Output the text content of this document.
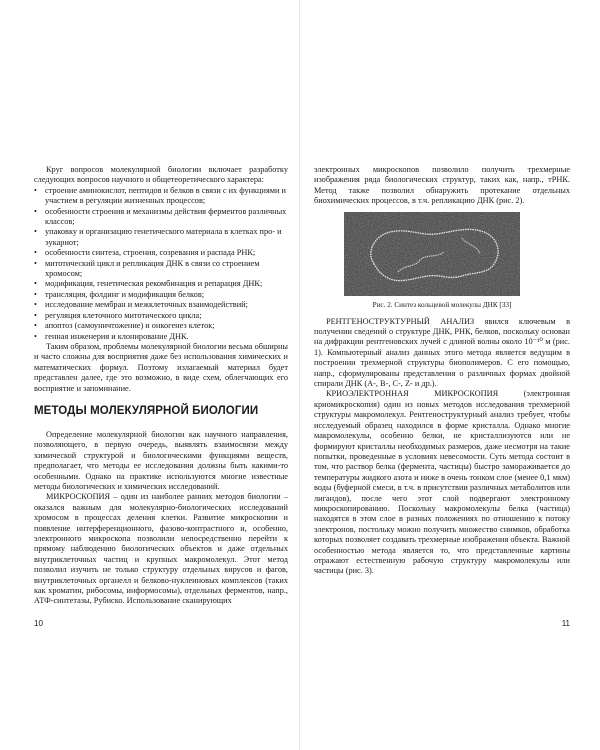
Круг вопросов молекулярной биологии включает разработку следующих вопросов научного и общетеоретического характера:

• строение аминокислот, пептидов и белков в связи с их функциями и участием в регуляции жизненных процессов;
• особенности строения и механизмы действия ферментов различных классов;
• упаковку и организацию генетического материала в клетках про- и эукариот;
• особенности синтеза, строения, созревания и распада РНК;
• митотический цикл и репликация ДНК в связи со строением хромосом;
• модификация, генетическая рекомбинация и репарация ДНК;
• трансляция, фолдинг и модификация белков;
• исследование мембран и межклеточных взаимодействий;
• регуляция клеточного митотического цикла;
• апоптоз (самоуничтожение) и онкогенез клеток;
• генная инженерия и клонирование ДНК.

Таким образом, проблемы молекулярной биологии весьма обширны и часто сложны для восприятия даже без использования химических и математических формул. Поэтому излагаемый материал будет представлен далее, где это возможно, в виде схем, облегчающих его восприятие и запоминание.

МЕТОДЫ МОЛЕКУЛЯРНОЙ БИОЛОГИИ

Определение молекулярной биологии как научного направления, позволяющего, в первую очередь, выявлять взаимосвязи между химической структурой и биологическими функциями веществ, предполагает, что методы ее исследования должны быть какими-то особенными. Однако на практике используются многие известные методы биологических и химических исследований.

МИКРОСКОПИЯ – один из наиболее ранних методов биологии – оказался важным для молекулярно-биологических исследований хромосом в процессах деления клетки. Развитие микроскопии и появление интерференционного, фазово-контрастного и, особенно, электронного микроскопа позволили непосредственно перейти к прямому наблюдению биологических объектов и даже отдельных внутриклеточных частиц и крупных макромолекул. Этот метод позволил изучить не только структуру отдельных вирусов и фагов, внутриклеточных органелл и белково-нуклеиновых комплексов (таких как хроматин, рибосомы, информосомы), отдельных ферментов, напр., АТФ-синтетазы, Рубиско. Использование сканирующих

10

электронных микроскопов позволило получить трехмерные изображения ряда биологических структур, таких как, напр., тРНК. Метод также позволил обнаружить протекание отдельных биохимических процессов, в т.ч. репликацию ДНК (рис. 2).

Рис. 2. Синтез кольцевой молекулы ДНК [33]

РЕНТГЕНОСТРУКТУРНЫЙ АНАЛИЗ явился ключевым в получении сведений о структуре ДНК, РНК, белков, поскольку основан на дифракции рентгеновских лучей с длиной волны около 10⁻¹⁰ м (рис. 1). Компьютерный анализ данных этого метода является ведущим в построении трехмерной структуры биополимеров. С его помощью, напр., сформулированы представления о различных формах двойной спирали ДНК (А-, В-, С-, Z- и др.).

КРИОЭЛЕКТРОННАЯ МИКРОСКОПИЯ (электронная криомикроскопия) один из новых методов исследования трехмерной структуры макромолекул. Рентгеноструктурный анализ требует, чтобы исследуемый образец находился в форме кристалла. Однако многие макромолекулы, особенно белки, не кристаллизуются или не формируют кристаллы необходимых размеров, даже несмотря на такие попытки, проведенные в условиях невесомости. Суть метода состоит в том, что раствор белка (фермента, частицы) быстро замораживается до температуры жидкого азота и ниже в очень тонком слое (менее 0,1 мкм) воды (буферной смеси, в т.ч. в присутствии различных метаболитов или лигандов), после чего этот слой подвергают электронному микроскопированию. Поскольку макромолекулы белка (частица) находятся в этом слое в разных положениях по отношению к потоку электронов, постольку можно получить множество снимков, обработка которых позволяет создавать трехмерные изображения объекта. Важной особенностью метода является то, что представленные картины отражают естественную рабочую структуру макромолекулы или частицы (рис. 3).

11
